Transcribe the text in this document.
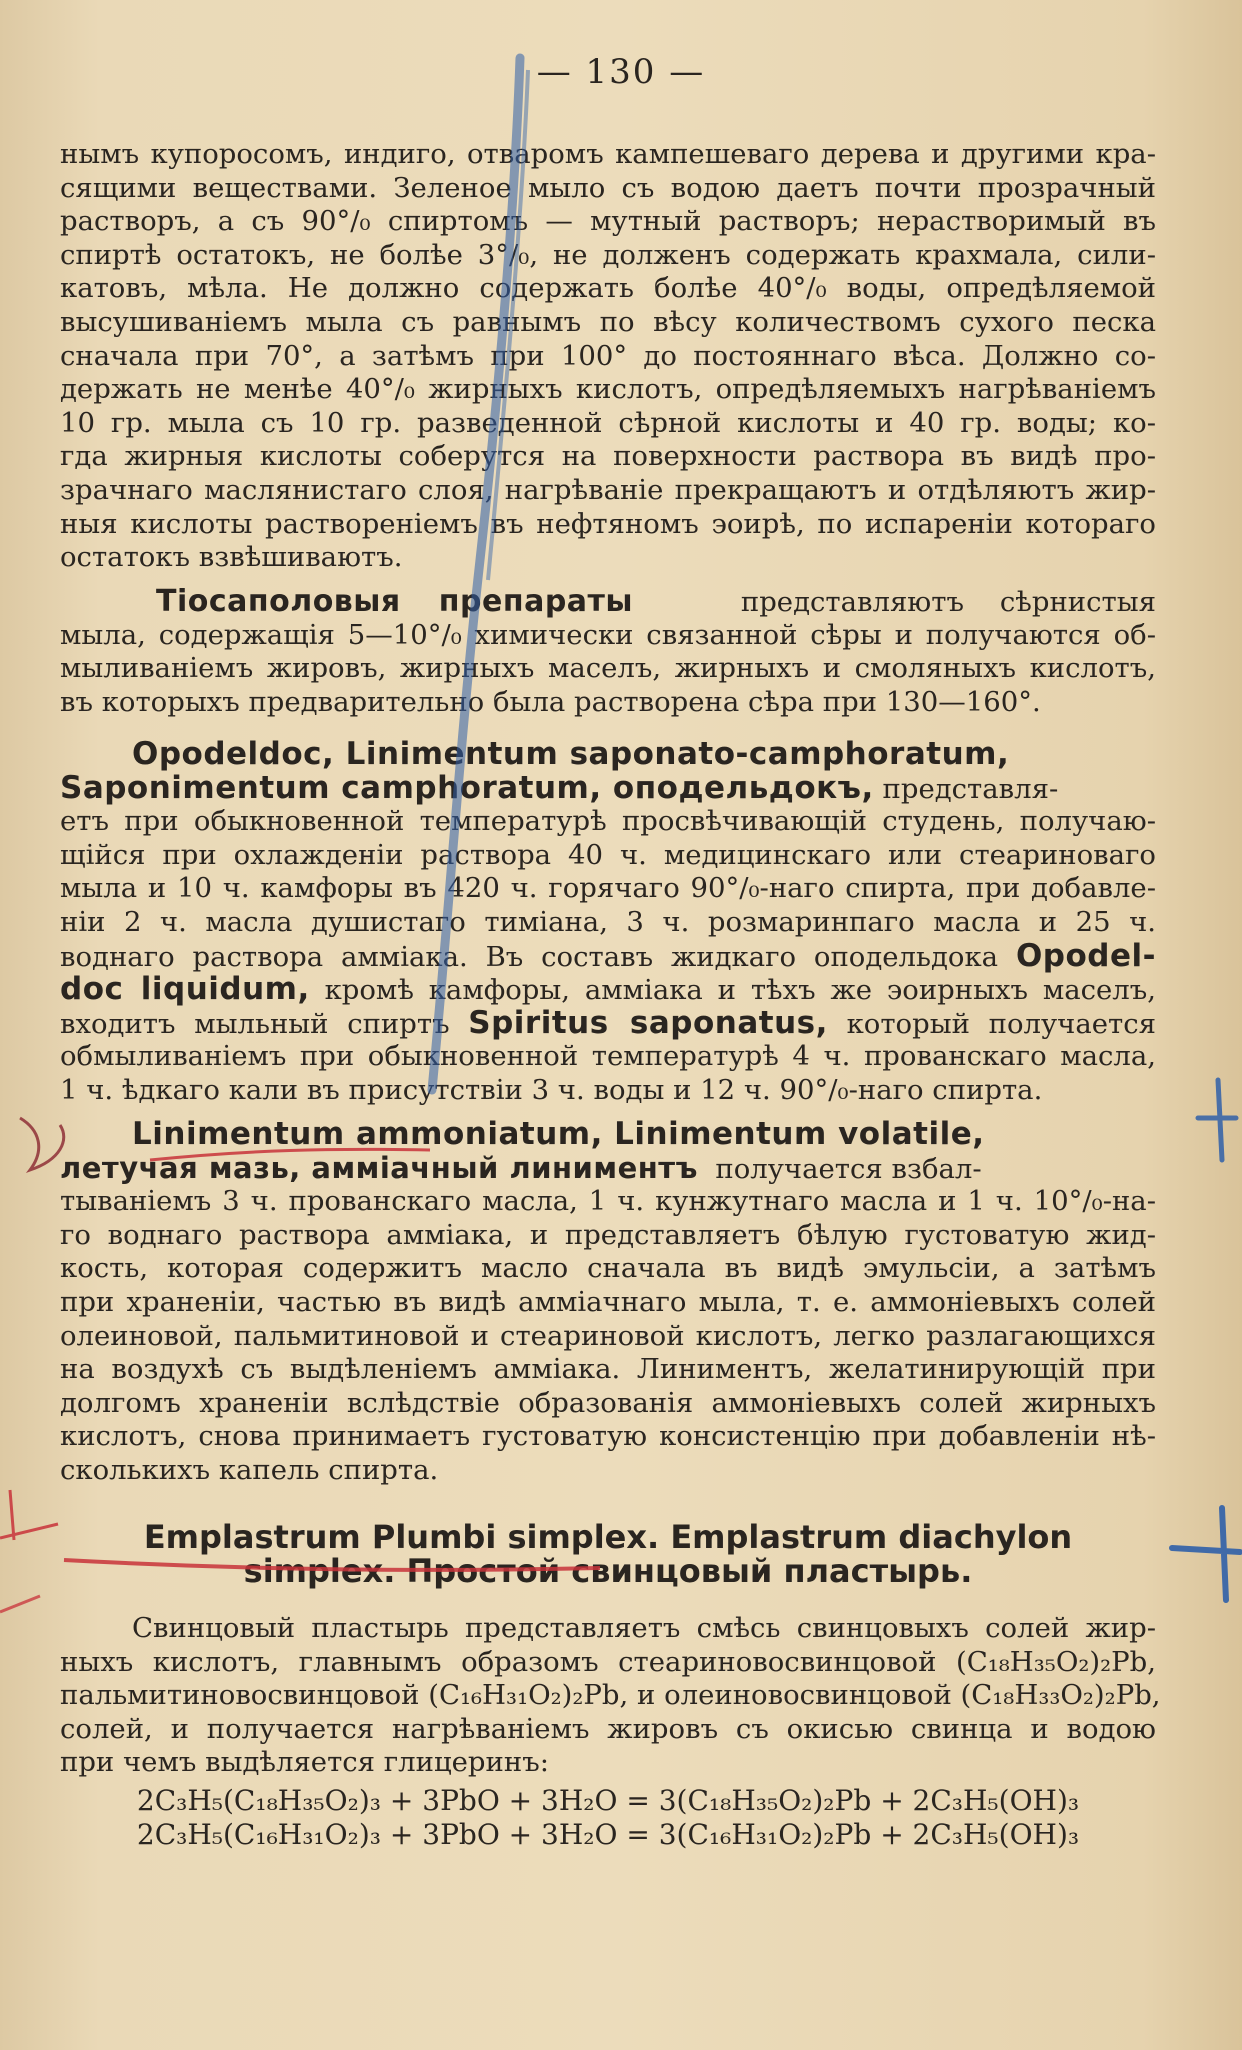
— 130 —
нымъ купоросомъ, индиго, отваромъ кампешеваго дерева и другими кра-
сящими веществами. Зеленое мыло съ водою даетъ почти прозрачный
растворъ, а съ 90°/₀ спиртомъ — мутный растворъ; нерастворимый въ
спиртѣ остатокъ, не болѣе 3°/₀, не долженъ содержать крахмала, сили-
катовъ, мѣла. Не должно содержать болѣе 40°/₀ воды, опредѣляемой
высушиваніемъ мыла съ равнымъ по вѣсу количествомъ сухого песка
сначала при 70°, а затѣмъ при 100° до постояннаго вѣса. Должно со-
держать не менѣе 40°/₀ жирныхъ кислотъ, опредѣляемыхъ нагрѣваніемъ
10 гр. мыла съ 10 гр. разведенной сѣрной кислоты и 40 гр. воды; ко-
гда жирныя кислоты соберутся на поверхности раствора въ видѣ про-
зрачнаго маслянистаго слоя, нагрѣваніе прекращаютъ и отдѣляютъ жир-
ныя кислоты раствореніемъ въ нефтяномъ эоирѣ, по испареніи котораго
остатокъ взвѣшиваютъ.
Тіосаполовыя препараты	представляютъ сѣрнистыя
мыла, содержащія 5—10°/₀ химически связанной сѣры и получаются об-
мыливаніемъ жировъ, жирныхъ маселъ, жирныхъ и смоляныхъ кислотъ,
въ которыхъ предварительно была растворена сѣра при 130—160°.
Opodeldoc, Linimentum saponato-camphoratum,
Saponimentum camphoratum, оподельдокъ, представля-
етъ при обыкновенной температурѣ просвѣчивающій студень, получаю-
щійся при охлажденіи раствора 40 ч. медицинскаго или стеариноваго
мыла и 10 ч. камфоры въ 420 ч. горячаго 90°/₀-наго спирта, при добавле-
ніи 2 ч. масла душистаго тиміана, 3 ч. розмаринпаго масла и 25 ч.
воднаго раствора амміака. Въ составъ жидкаго оподельдока Opodel-
doc liquidum, кромѣ камфоры, амміака и тѣхъ же эоирныхъ маселъ,
входитъ мыльный спиртъ Spiritus saponatus, который получается
обмыливаніемъ при обыкновенной температурѣ 4 ч. прованскаго масла,
1 ч. ѣдкаго кали въ присутствіи 3 ч. воды и 12 ч. 90°/₀-наго спирта.
Linimentum ammoniatum, Linimentum volatile,
летучая мазь, амміачный линиментъ получается взбал-
тываніемъ 3 ч. прованскаго масла, 1 ч. кунжутнаго масла и 1 ч. 10°/₀-на-
го воднаго раствора амміака, и представляетъ бѣлую густоватую жид-
кость, которая содержитъ масло сначала въ видѣ эмульсіи, а затѣмъ
при храненіи, частью въ видѣ амміачнаго мыла, т. е. аммоніевыхъ солей
олеиновой, пальмитиновой и стеариновой кислотъ, легко разлагающихся
на воздухѣ съ выдѣленіемъ амміака. Линиментъ, желатинирующій при
долгомъ храненіи вслѣдствіе образованія аммоніевыхъ солей жирныхъ
кислотъ, снова принимаетъ густоватую консистенцію при добавленіи нѣ-
сколькихъ капель спирта.
Emplastrum Plumbi simplex. Emplastrum diachylon
simplex. Простой свинцовый пластырь.
Свинцовый пластырь представляетъ смѣсь свинцовыхъ солей жир-
ныхъ кислотъ, главнымъ образомъ стеариновосвинцовой (C₁₈H₃₅O₂)₂Pb,
пальмитиновосвинцовой (C₁₆H₃₁O₂)₂Pb, и олеиновосвинцовой (C₁₈H₃₃O₂)₂Pb,
солей, и получается нагрѣваніемъ жировъ съ окисью свинца и водою
при чемъ выдѣляется глицеринъ:
2C₃H₅(C₁₈H₃₅O₂)₃ + 3PbO + 3H₂O = 3(C₁₈H₃₅O₂)₂Pb + 2C₃H₅(OH)₃
2C₃H₅(C₁₆H₃₁O₂)₃ + 3PbO + 3H₂O = 3(C₁₆H₃₁O₂)₂Pb + 2C₃H₅(OH)₃
